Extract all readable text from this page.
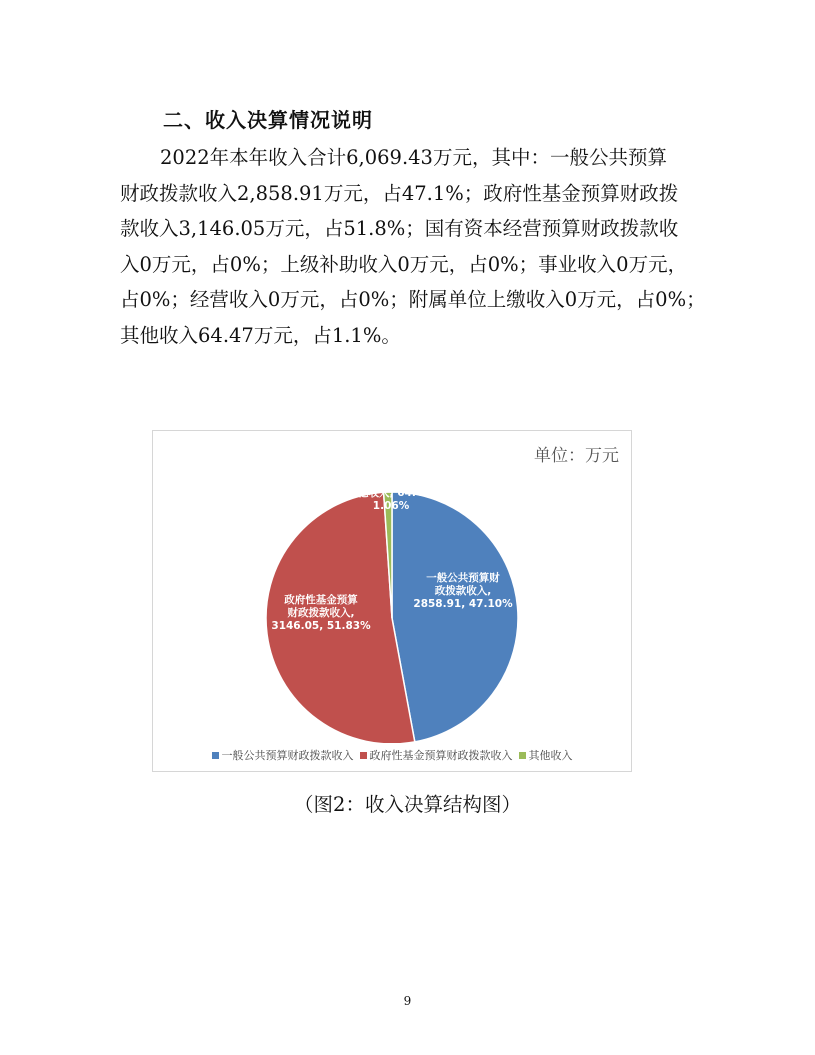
二、收入决算情况说明

2022年本年收入合计6,069.43万元，其中：一般公共预算
财政拨款收入2,858.91万元，占47.1%；政府性基金预算财政拨
款收入3,146.05万元，占51.8%；国有资本经营预算财政拨款收
入0万元，占0%；上级补助收入0万元，占0%；事业收入0万元，
占0%；经营收入0万元，占0%；附属单位上缴收入0万元，占0%；
其他收入64.47万元，占1.1%。

单位：万元
一般公共预算财政拨款收入, 2858.91, 47.10%
政府性基金预算财政拨款收入, 3146.05, 51.83%
其他收入, 64.47, 1.06%
一般公共预算财政拨款收入 政府性基金预算财政拨款收入 其他收入
（图2：收入决算结构图）
9
